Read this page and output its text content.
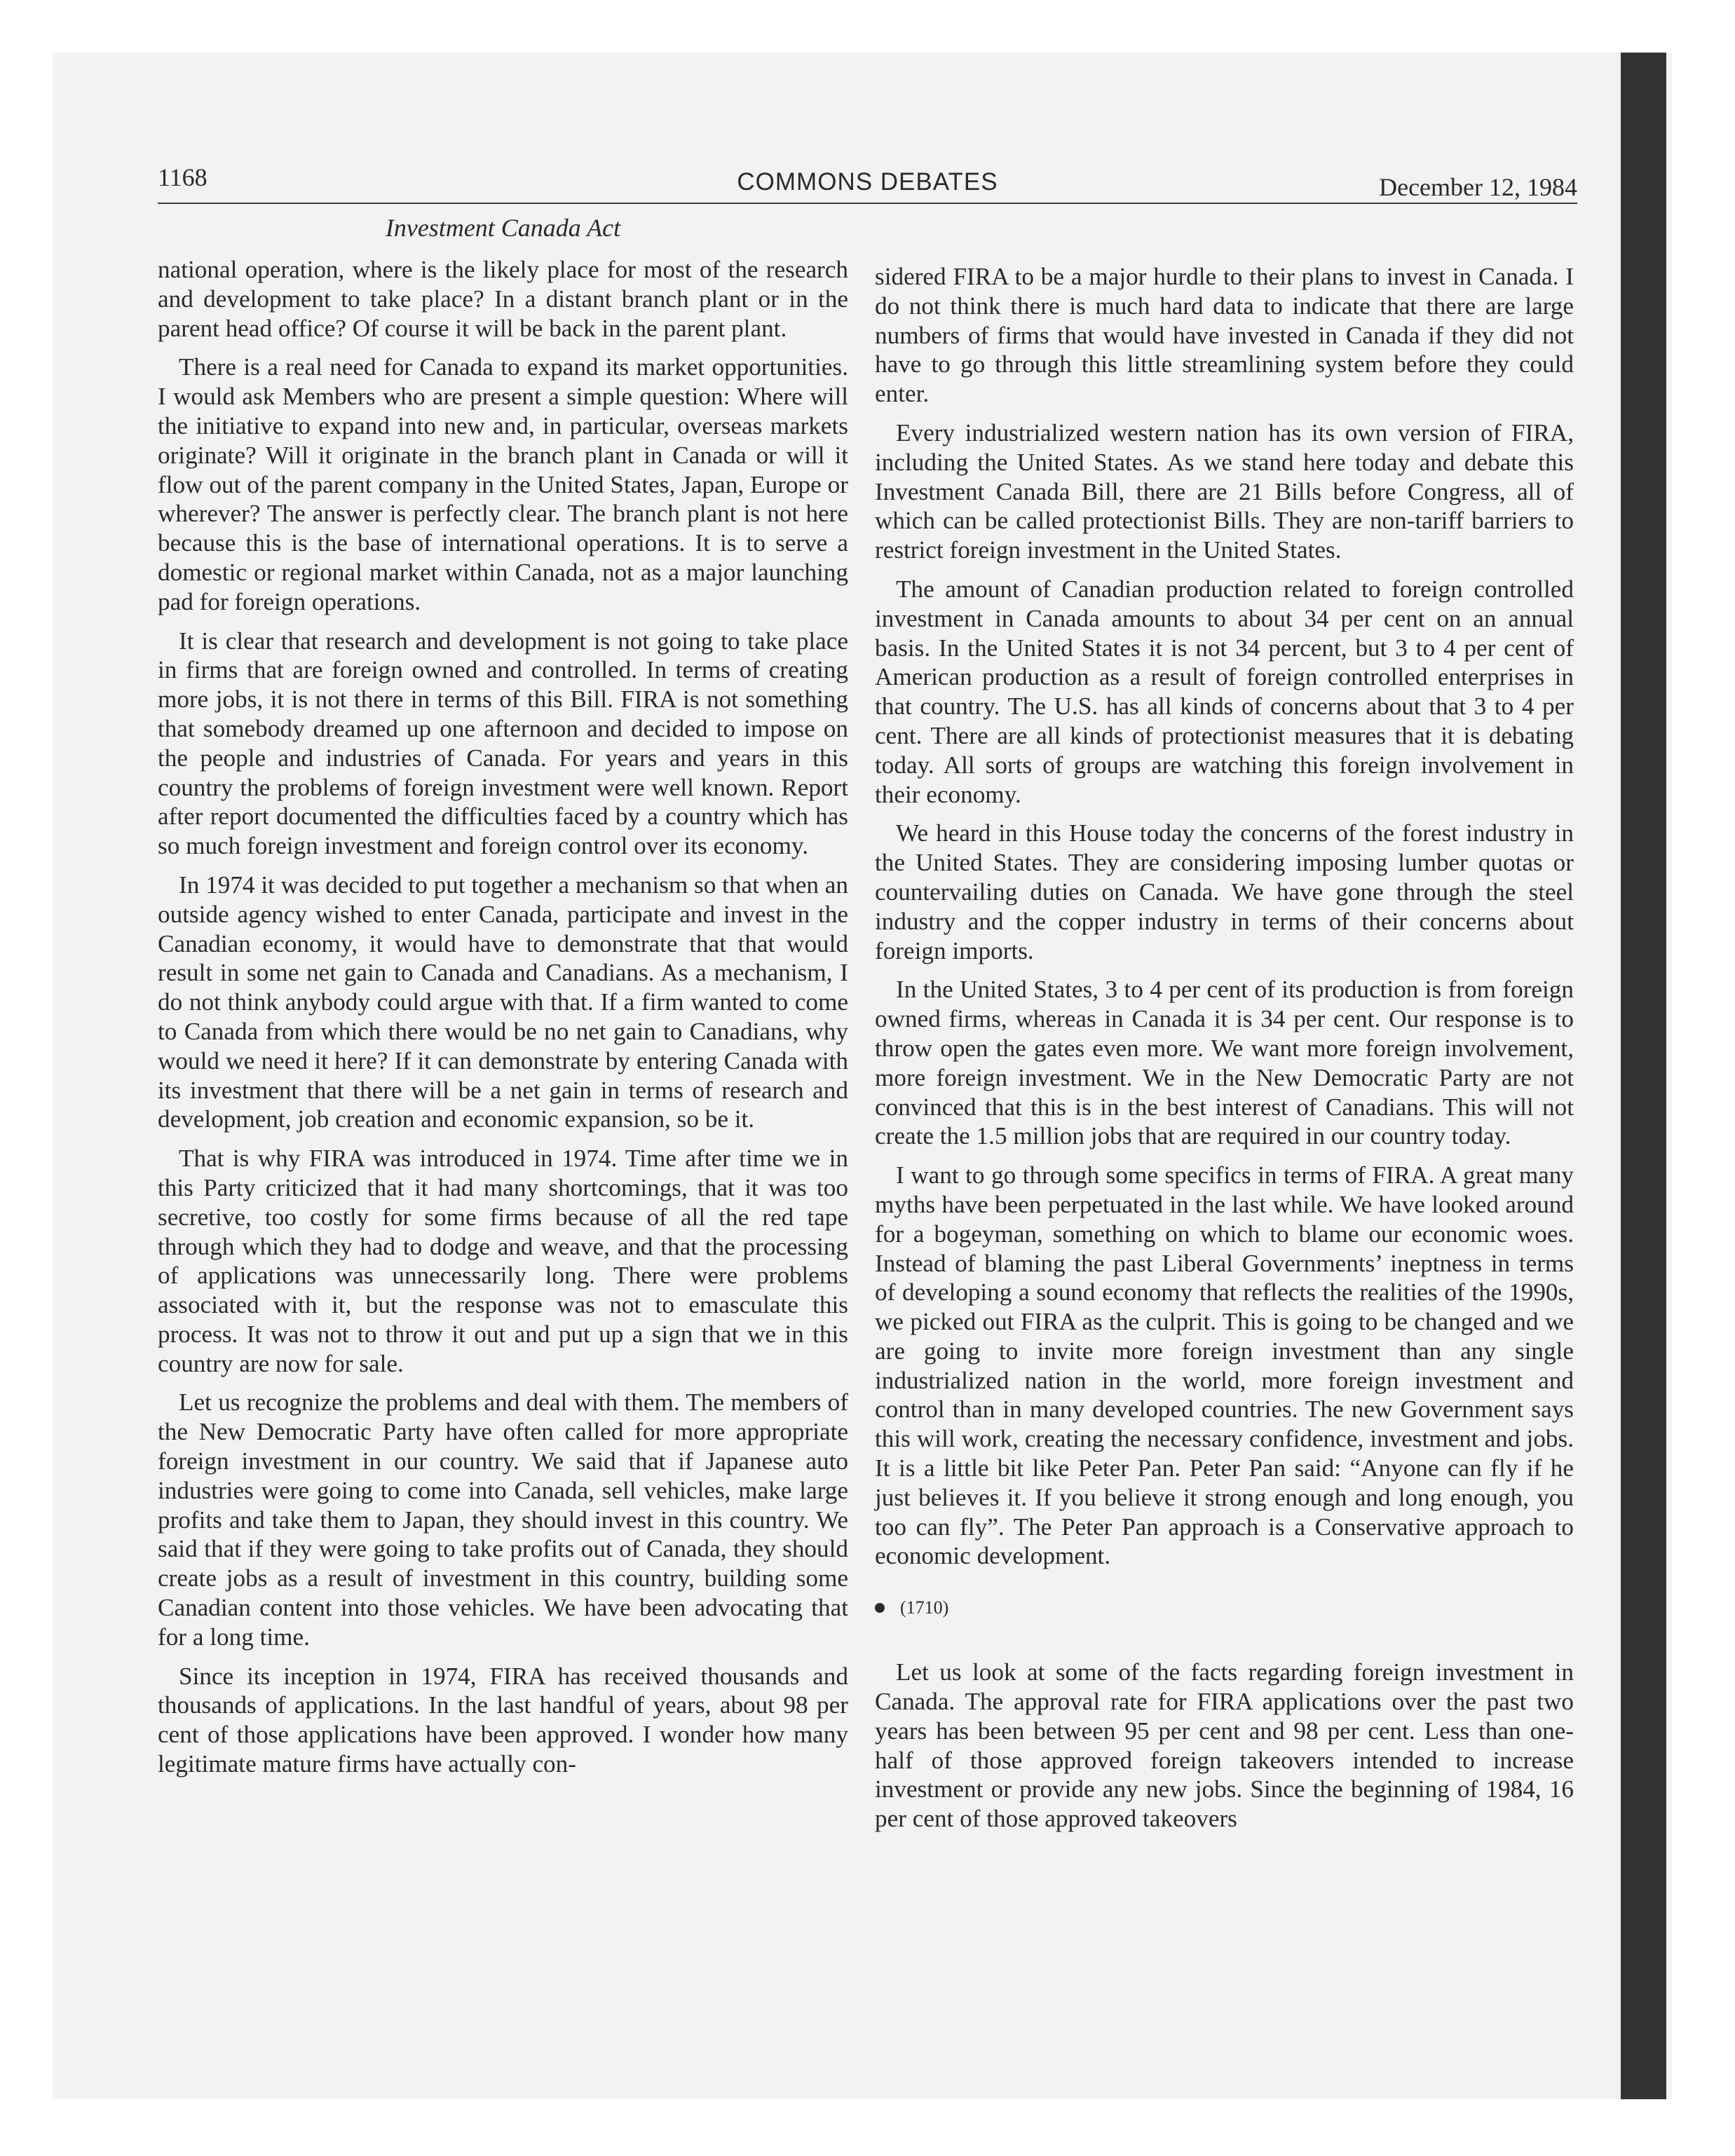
1168	COMMONS DEBATES	December 12, 1984
Investment Canada Act

national operation, where is the likely place for most of the research and development to take place? In a distant branch plant or in the parent head office? Of course it will be back in the parent plant.

There is a real need for Canada to expand its market opportunities. I would ask Members who are present a simple question: Where will the initiative to expand into new and, in particular, overseas markets originate? Will it originate in the branch plant in Canada or will it flow out of the parent company in the United States, Japan, Europe or wherever? The answer is perfectly clear. The branch plant is not here because this is the base of international operations. It is to serve a domestic or regional market within Canada, not as a major launching pad for foreign operations.

It is clear that research and development is not going to take place in firms that are foreign owned and controlled. In terms of creating more jobs, it is not there in terms of this Bill. FIRA is not something that somebody dreamed up one afternoon and decided to impose on the people and industries of Canada. For years and years in this country the problems of foreign investment were well known. Report after report documented the difficulties faced by a country which has so much foreign investment and foreign control over its economy.

In 1974 it was decided to put together a mechanism so that when an outside agency wished to enter Canada, participate and invest in the Canadian economy, it would have to demonstrate that that would result in some net gain to Canada and Canadians. As a mechanism, I do not think anybody could argue with that. If a firm wanted to come to Canada from which there would be no net gain to Canadians, why would we need it here? If it can demonstrate by entering Canada with its investment that there will be a net gain in terms of research and development, job creation and economic expansion, so be it.

That is why FIRA was introduced in 1974. Time after time we in this Party criticized that it had many shortcomings, that it was too secretive, too costly for some firms because of all the red tape through which they had to dodge and weave, and that the processing of applications was unnecessarily long. There were problems associated with it, but the response was not to emasculate this process. It was not to throw it out and put up a sign that we in this country are now for sale.

Let us recognize the problems and deal with them. The members of the New Democratic Party have often called for more appropriate foreign investment in our country. We said that if Japanese auto industries were going to come into Canada, sell vehicles, make large profits and take them to Japan, they should invest in this country. We said that if they were going to take profits out of Canada, they should create jobs as a result of investment in this country, building some Canadian content into those vehicles. We have been advocating that for a long time.

Since its inception in 1974, FIRA has received thousands and thousands of applications. In the last handful of years, about 98 per cent of those applications have been approved. I wonder how many legitimate mature firms have actually con-

sidered FIRA to be a major hurdle to their plans to invest in Canada. I do not think there is much hard data to indicate that there are large numbers of firms that would have invested in Canada if they did not have to go through this little streamlining system before they could enter.

Every industrialized western nation has its own version of FIRA, including the United States. As we stand here today and debate this Investment Canada Bill, there are 21 Bills before Congress, all of which can be called protectionist Bills. They are non-tariff barriers to restrict foreign investment in the United States.

The amount of Canadian production related to foreign controlled investment in Canada amounts to about 34 per cent on an annual basis. In the United States it is not 34 percent, but 3 to 4 per cent of American production as a result of foreign controlled enterprises in that country. The U.S. has all kinds of concerns about that 3 to 4 per cent. There are all kinds of protectionist measures that it is debating today. All sorts of groups are watching this foreign involvement in their economy.

We heard in this House today the concerns of the forest industry in the United States. They are considering imposing lumber quotas or countervailing duties on Canada. We have gone through the steel industry and the copper industry in terms of their concerns about foreign imports.

In the United States, 3 to 4 per cent of its production is from foreign owned firms, whereas in Canada it is 34 per cent. Our response is to throw open the gates even more. We want more foreign involvement, more foreign investment. We in the New Democratic Party are not convinced that this is in the best interest of Canadians. This will not create the 1.5 million jobs that are required in our country today.

I want to go through some specifics in terms of FIRA. A great many myths have been perpetuated in the last while. We have looked around for a bogeyman, something on which to blame our economic woes. Instead of blaming the past Liberal Governments’ ineptness in terms of developing a sound economy that reflects the realities of the 1990s, we picked out FIRA as the culprit. This is going to be changed and we are going to invite more foreign investment than any single industrialized nation in the world, more foreign investment and control than in many developed countries. The new Government says this will work, creating the necessary confidence, investment and jobs. It is a little bit like Peter Pan. Peter Pan said: “Anyone can fly if he just believes it. If you believe it strong enough and long enough, you too can fly”. The Peter Pan approach is a Conservative approach to economic development.

(1710)

Let us look at some of the facts regarding foreign investment in Canada. The approval rate for FIRA applications over the past two years has been between 95 per cent and 98 per cent. Less than one-half of those approved foreign takeovers intended to increase investment or provide any new jobs. Since the beginning of 1984, 16 per cent of those approved takeovers
